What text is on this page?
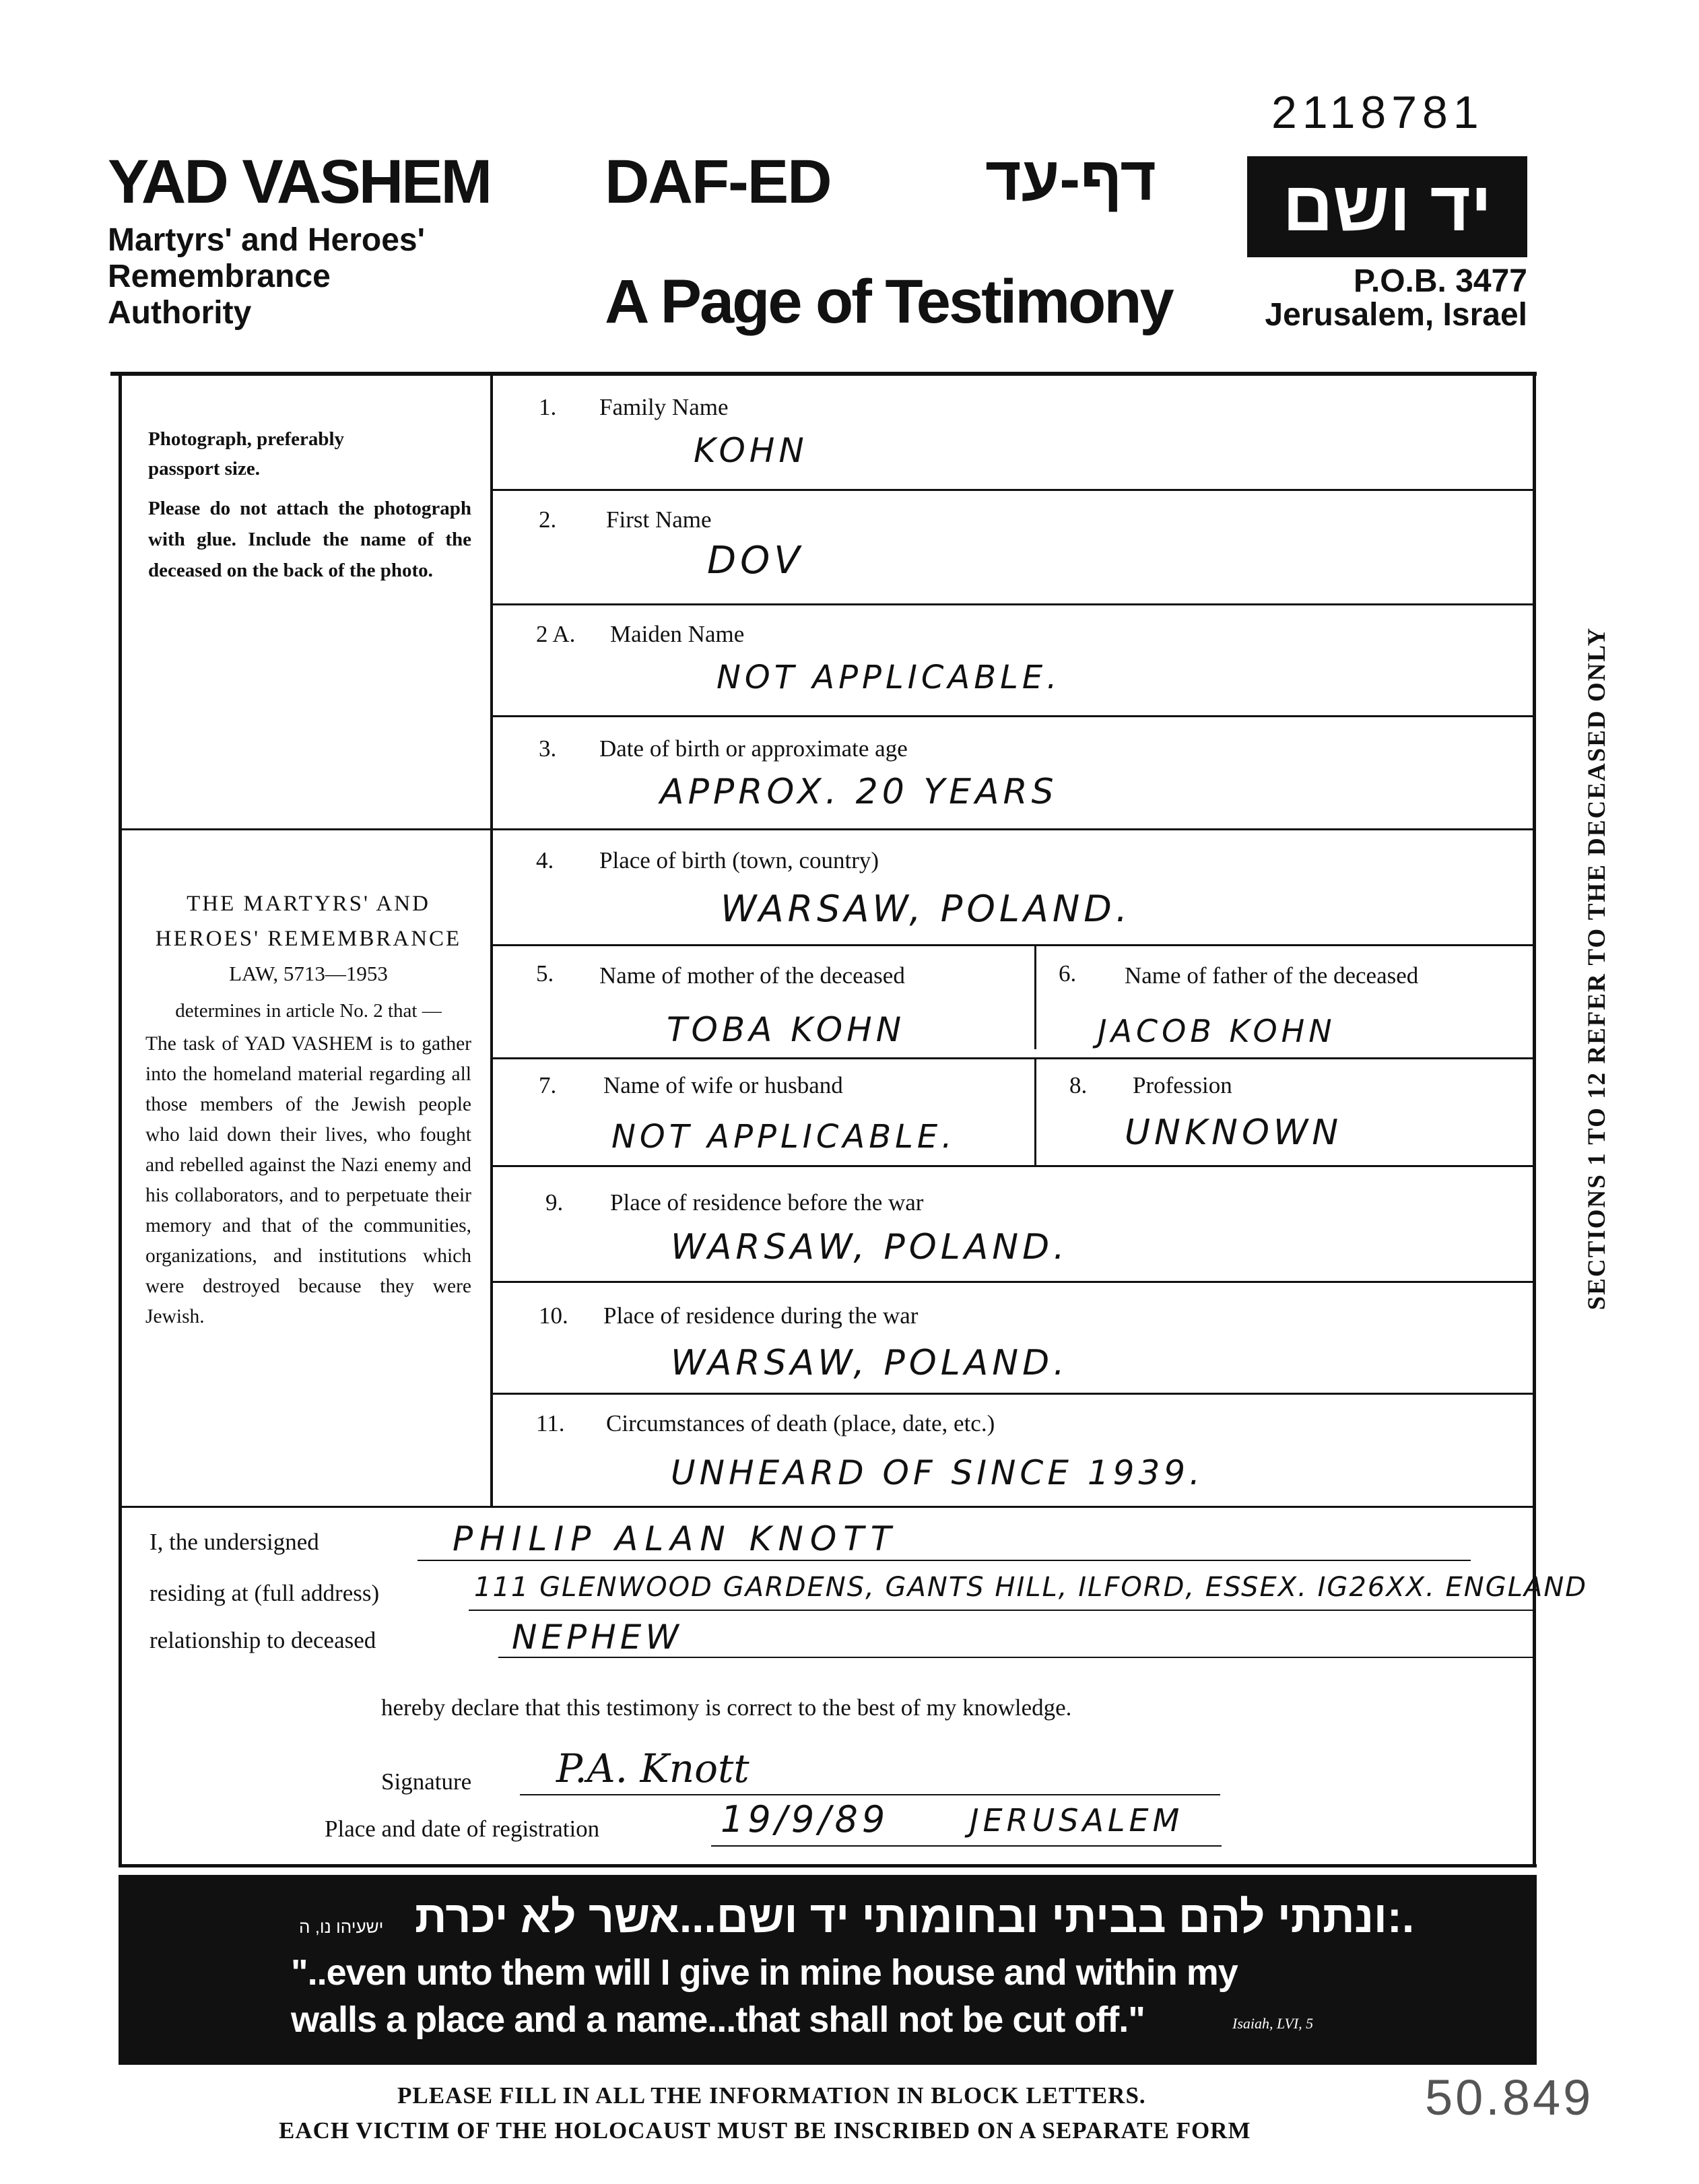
2118781
YAD VASHEM
Martyrs' and Heroes'
Remembrance
Authority
DAF-ED	דף-עד
A Page of Testimony
יד ושם
P.O.B. 3477
Jerusalem, Israel
Photograph, preferably passport size.
Please do not attach the photograph with glue. Include the name of the deceased on the back of the photo.
THE MARTYRS' AND
HEROES' REMEMBRANCE
LAW, 5713—1953
determines in article No. 2 that —
The task of YAD VASHEM is to gather into the homeland material regarding all those members of the Jewish people who laid down their lives, who fought and rebelled against the Nazi enemy and his collaborators, and to perpetuate their memory and that of the communities, organizations, and institutions which were destroyed because they were Jewish.
1. Family Name
KOHN
2. First Name
DOV
2 A. Maiden Name
NOT APPLICABLE.
3. Date of birth or approximate age
APPROX. 20 YEARS
4. Place of birth (town, country)
WARSAW, POLAND.
5. Name of mother of the deceased
TOBA KOHN
6. Name of father of the deceased
JACOB KOHN
7. Name of wife or husband
NOT APPLICABLE.
8. Profession
UNKNOWN
9. Place of residence before the war
WARSAW, POLAND.
10. Place of residence during the war
WARSAW, POLAND.
11. Circumstances of death (place, date, etc.)
UNHEARD OF SINCE 1939.
SECTIONS 1 TO 12 REFER TO THE DECEASED ONLY
I, the undersigned	PHILIP ALAN KNOTT
residing at (full address)	111 GLENWOOD GARDENS, GANTS HILL, ILFORD, ESSEX. IG26XX. ENGLAND
relationship to deceased	NEPHEW
hereby declare that this testimony is correct to the best of my knowledge.
Signature P.A. Knott
Place and date of registration	19/9/89	JERUSALEM
ישעיהו נו, ה .:ונתתי להם בביתי ובחומותי יד ושם...אשר לא יכרת
"..even unto them will I give in mine house and within my
walls a place and a name...that shall not be cut off."	Isaiah, LVI, 5
PLEASE FILL IN ALL THE INFORMATION IN BLOCK LETTERS.
EACH VICTIM OF THE HOLOCAUST MUST BE INSCRIBED ON A SEPARATE FORM
50.849
